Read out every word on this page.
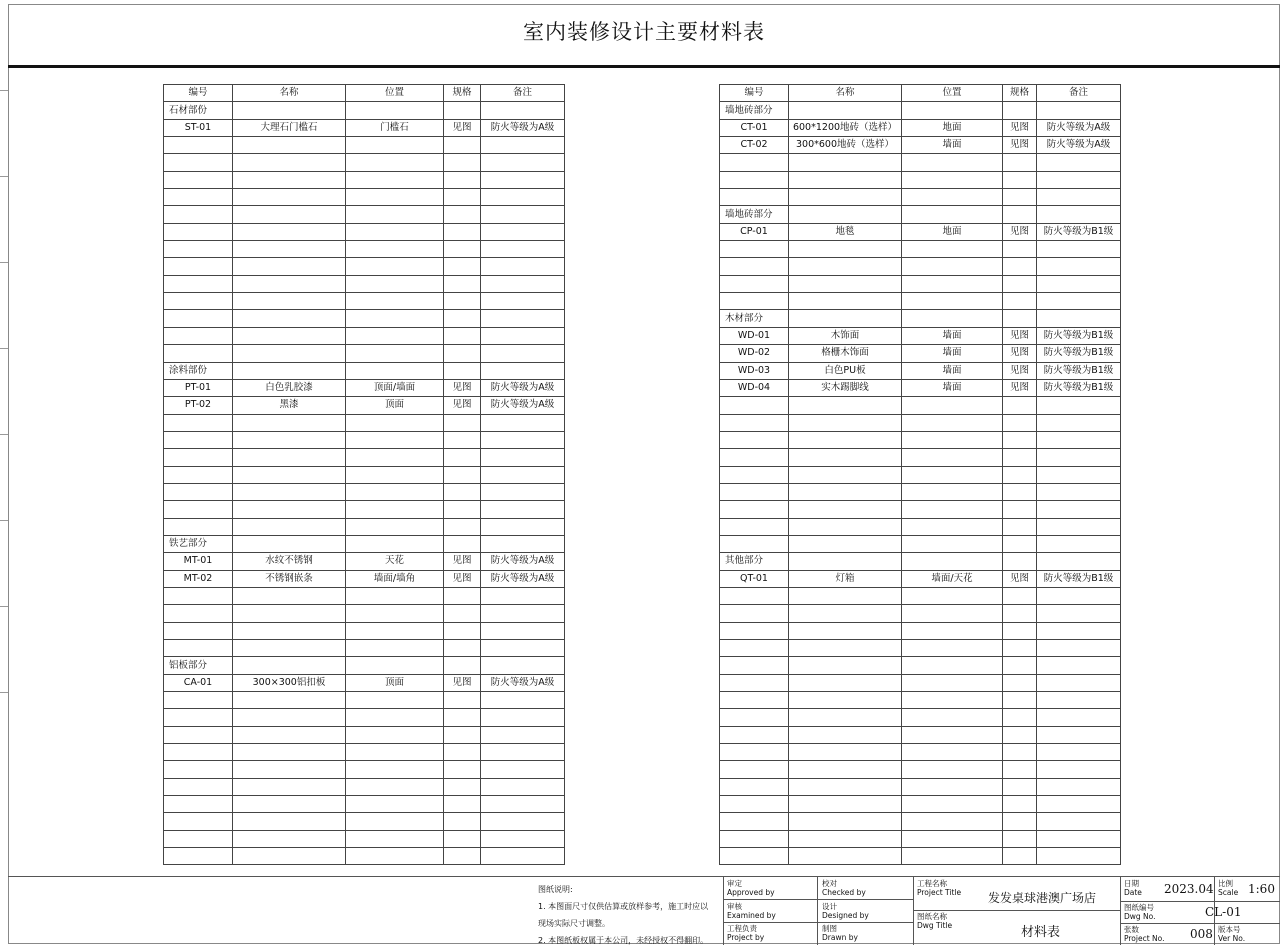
室内装修设计主要材料表
编号	名称	位置	规格	备注
石材部份				
ST-01	大理石门槛石	门槛石	见图	防火等级为A级

涂料部份				
PT-01	白色乳胶漆	顶面/墙面	见图	防火等级为A级
PT-02	黑漆	顶面	见图	防火等级为A级

铁艺部分				
MT-01	水纹不锈钢	天花	见图	防火等级为A级
MT-02	不锈钢嵌条	墙面/墙角	见图	防火等级为A级

铝板部分				
CA-01	300×300铝扣板	顶面	见图	防火等级为A级

编号	名称	位置	规格	备注
墙地砖部分				
CT-01	600*1200地砖（选样）	地面	见图	防火等级为A级
CT-02	300*600地砖（选样）	墙面	见图	防火等级为A级

墙地砖部分				
CP-01	地毯	地面	见图	防火等级为B1级

木材部分				
WD-01	木饰面	墙面	见图	防火等级为B1级
WD-02	格栅木饰面	墙面	见图	防火等级为B1级
WD-03	白色PU板	墙面	见图	防火等级为B1级
WD-04	实木踢脚线	墙面	见图	防火等级为B1级

其他部分				
QT-01	灯箱	墙面/天花	见图	防火等级为B1级

图纸说明:
1. 本图面尺寸仅供估算或放样参考，施工时应以
现场实际尺寸调整。
2. 本图纸板权属于本公司，未经授权不得翻印。
审定
Approved by
审核
Examined by
工程负责
Project by
校对
Checked by
设计
Designed by
制图
Drawn by
工程名称
Project Title 发发桌球港澳广场店
图纸名称
Dwg Title	材料表
日期
Date 2023.04 比例
Scale 1:60
图纸编号
Dwg No.	CL-01
张数
Project No. 008 版本号
Ver No.
